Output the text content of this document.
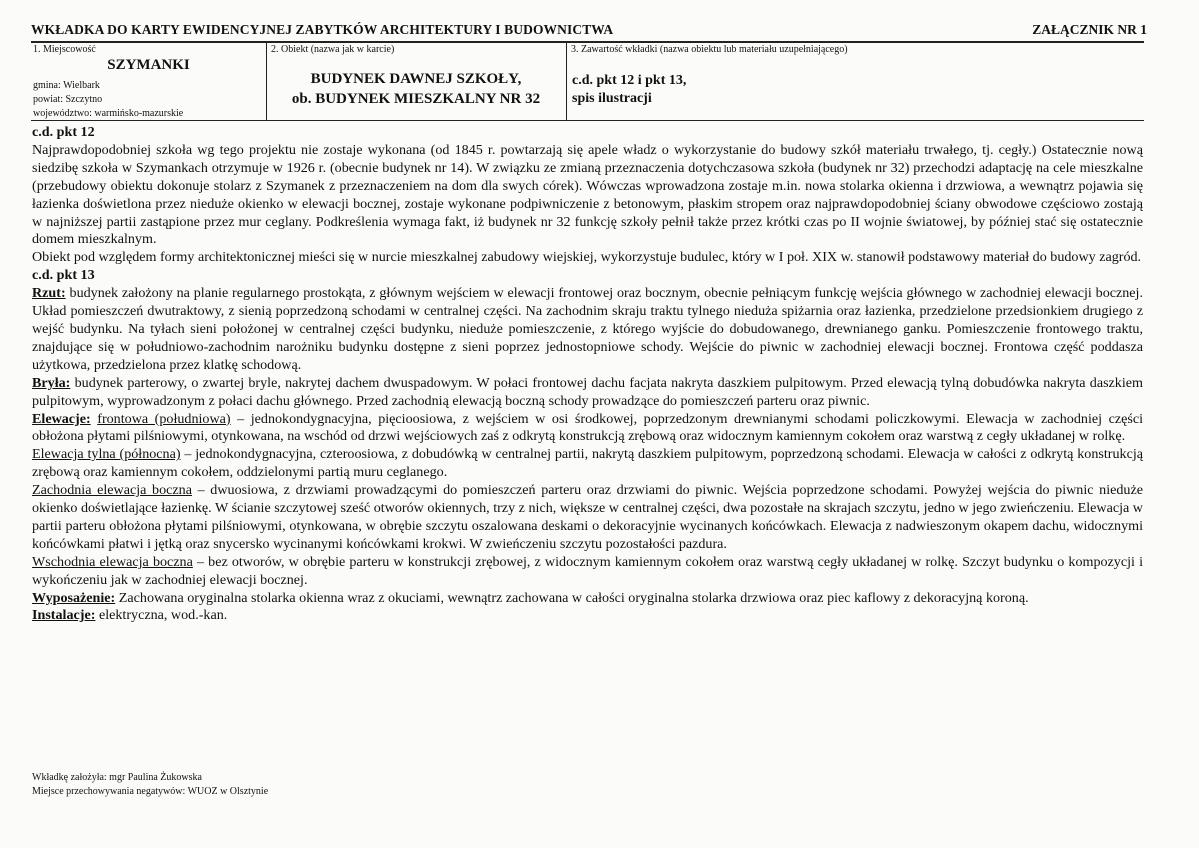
WKŁADKA DO KARTY EWIDENCYJNEJ ZABYTKÓW ARCHITEKTURY I BUDOWNICTWA	ZAŁĄCZNIK NR 1
1. Miejscowość
SZYMANKI
gmina: Wielbark
powiat: Szczytno
województwo: warmińsko-mazurskie
2. Obiekt (nazwa jak w karcie)
BUDYNEK DAWNEJ SZKOŁY,
ob. BUDYNEK MIESZKALNY NR 32
3. Zawartość wkładki (nazwa obiektu lub materiału uzupełniającego)
c.d. pkt 12 i pkt 13,
spis ilustracji

c.d. pkt 12

Najprawdopodobniej szkoła wg tego projektu nie zostaje wykonana (od 1845 r. powtarzają się apele władz o wykorzystanie do budowy szkół materiału trwałego, tj. cegły.) Ostatecznie nową siedzibę szkoła w Szymankach otrzymuje w 1926 r. (obecnie budynek nr 14). W związku ze zmianą przeznaczenia dotychczasowa szkoła (budynek nr 32) przechodzi adaptację na cele mieszkalne (przebudowy obiektu dokonuje stolarz z Szymanek z przeznaczeniem na dom dla swych córek). Wówczas wprowadzona zostaje m.in. nowa stolarka okienna i drzwiowa, a wewnątrz pojawia się łazienka doświetlona przez nieduże okienko w elewacji bocznej, zostaje wykonane podpiwniczenie z betonowym, płaskim stropem oraz najprawdopodobniej ściany obwodowe częściowo zostają w najniższej partii zastąpione przez mur ceglany. Podkreślenia wymaga fakt, iż budynek nr 32 funkcję szkoły pełnił także przez krótki czas po II wojnie światowej, by później stać się ostatecznie domem mieszkalnym.

Obiekt pod względem formy architektonicznej mieści się w nurcie mieszkalnej zabudowy wiejskiej, wykorzystuje budulec, który w I poł. XIX w. stanowił podstawowy materiał do budowy zagród.

c.d. pkt 13

Rzut: budynek założony na planie regularnego prostokąta, z głównym wejściem w elewacji frontowej oraz bocznym, obecnie pełniącym funkcję wejścia głównego w zachodniej elewacji bocznej. Układ pomieszczeń dwutraktowy, z sienią poprzedzoną schodami w centralnej części. Na zachodnim skraju traktu tylnego nieduża spiżarnia oraz łazienka, przedzielone przedsionkiem drugiego z wejść budynku. Na tyłach sieni położonej w centralnej części budynku, nieduże pomieszczenie, z którego wyjście do dobudowanego, drewnianego ganku. Pomieszczenie frontowego traktu, znajdujące się w południowo-zachodnim narożniku budynku dostępne z sieni poprzez jednostopniowe schody. Wejście do piwnic w zachodniej elewacji bocznej. Frontowa część poddasza użytkowa, przedzielona przez klatkę schodową.

Bryła: budynek parterowy, o zwartej bryle, nakrytej dachem dwuspadowym. W połaci frontowej dachu facjata nakryta daszkiem pulpitowym. Przed elewacją tylną dobudówka nakryta daszkiem pulpitowym, wyprowadzonym z połaci dachu głównego. Przed zachodnią elewacją boczną schody prowadzące do pomieszczeń parteru oraz piwnic.

Elewacje: frontowa (południowa) – jednokondygnacyjna, pięcioosiowa, z wejściem w osi środkowej, poprzedzonym drewnianymi schodami policzkowymi. Elewacja w zachodniej części obłożona płytami pilśniowymi, otynkowana, na wschód od drzwi wejściowych zaś z odkrytą konstrukcją zrębową oraz widocznym kamiennym cokołem oraz warstwą z cegły układanej w rolkę.

Elewacja tylna (północna) – jednokondygnacyjna, czteroosiowa, z dobudówką w centralnej partii, nakrytą daszkiem pulpitowym, poprzedzoną schodami. Elewacja w całości z odkrytą konstrukcją zrębową oraz kamiennym cokołem, oddzielonymi partią muru ceglanego.

Zachodnia elewacja boczna – dwuosiowa, z drzwiami prowadzącymi do pomieszczeń parteru oraz drzwiami do piwnic. Wejścia poprzedzone schodami. Powyżej wejścia do piwnic nieduże okienko doświetlające łazienkę. W ścianie szczytowej sześć otworów okiennych, trzy z nich, większe w centralnej części, dwa pozostałe na skrajach szczytu, jedno w jego zwieńczeniu. Elewacja w partii parteru obłożona płytami pilśniowymi, otynkowana, w obrębie szczytu oszalowana deskami o dekoracyjnie wycinanych końcówkach. Elewacja z nadwieszonym okapem dachu, widocznymi końcówkami płatwi i jętką oraz snycersko wycinanymi końcówkami krokwi. W zwieńczeniu szczytu pozostałości pazdura.

Wschodnia elewacja boczna – bez otworów, w obrębie parteru w konstrukcji zrębowej, z widocznym kamiennym cokołem oraz warstwą cegły układanej w rolkę. Szczyt budynku o kompozycji i wykończeniu jak w zachodniej elewacji bocznej.

Wyposażenie: Zachowana oryginalna stolarka okienna wraz z okuciami, wewnątrz zachowana w całości oryginalna stolarka drzwiowa oraz piec kaflowy z dekoracyjną koroną.

Instalacje: elektryczna, wod.-kan.

Wkładkę założyła: mgr Paulina Żukowska
Miejsce przechowywania negatywów: WUOZ w Olsztynie
